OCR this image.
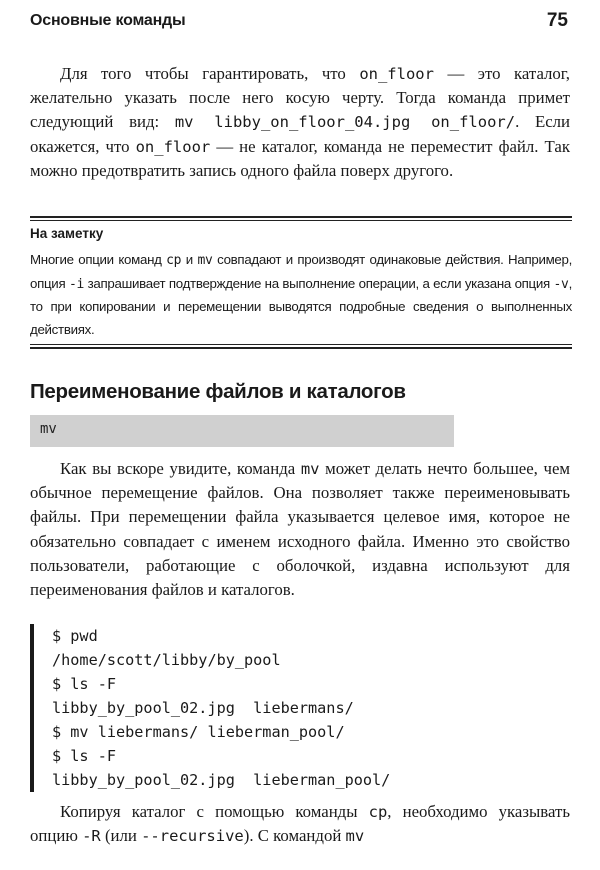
Основные команды	75

Для того чтобы гарантировать, что on_floor — это каталог, желательно указать после него косую черту. Тогда команда примет следующий вид: mv libby_on_floor_04.jpg on_floor/. Если окажется, что on_floor — не каталог, команда не переместит файл. Так можно предотвратить запись одного файла поверх другого.

На заметку

Многие опции команд cp и mv совпадают и производят одинаковые действия. Например, опция -i запрашивает подтверждение на выполнение операции, а если указана опция -v, то при копировании и перемещении выводятся подробные сведения о выполненных действиях.

Переименование файлов и каталогов
mv

Как вы вскоре увидите, команда mv может делать нечто большее, чем обычное перемещение файлов. Она позволяет также переименовывать файлы. При перемещении файла указывается целевое имя, которое не обязательно совпадает с именем исходного файла. Именно это свойство пользователи, работающие с оболочкой, издавна используют для переименования файлов и каталогов.

$ pwd
/home/scott/libby/by_pool
$ ls -F
libby_by_pool_02.jpg  liebermans/
$ mv liebermans/ lieberman_pool/
$ ls -F
libby_by_pool_02.jpg  lieberman_pool/

Копируя каталог с помощью команды cp, необходимо указывать опцию -R (или --recursive). С командой mv
